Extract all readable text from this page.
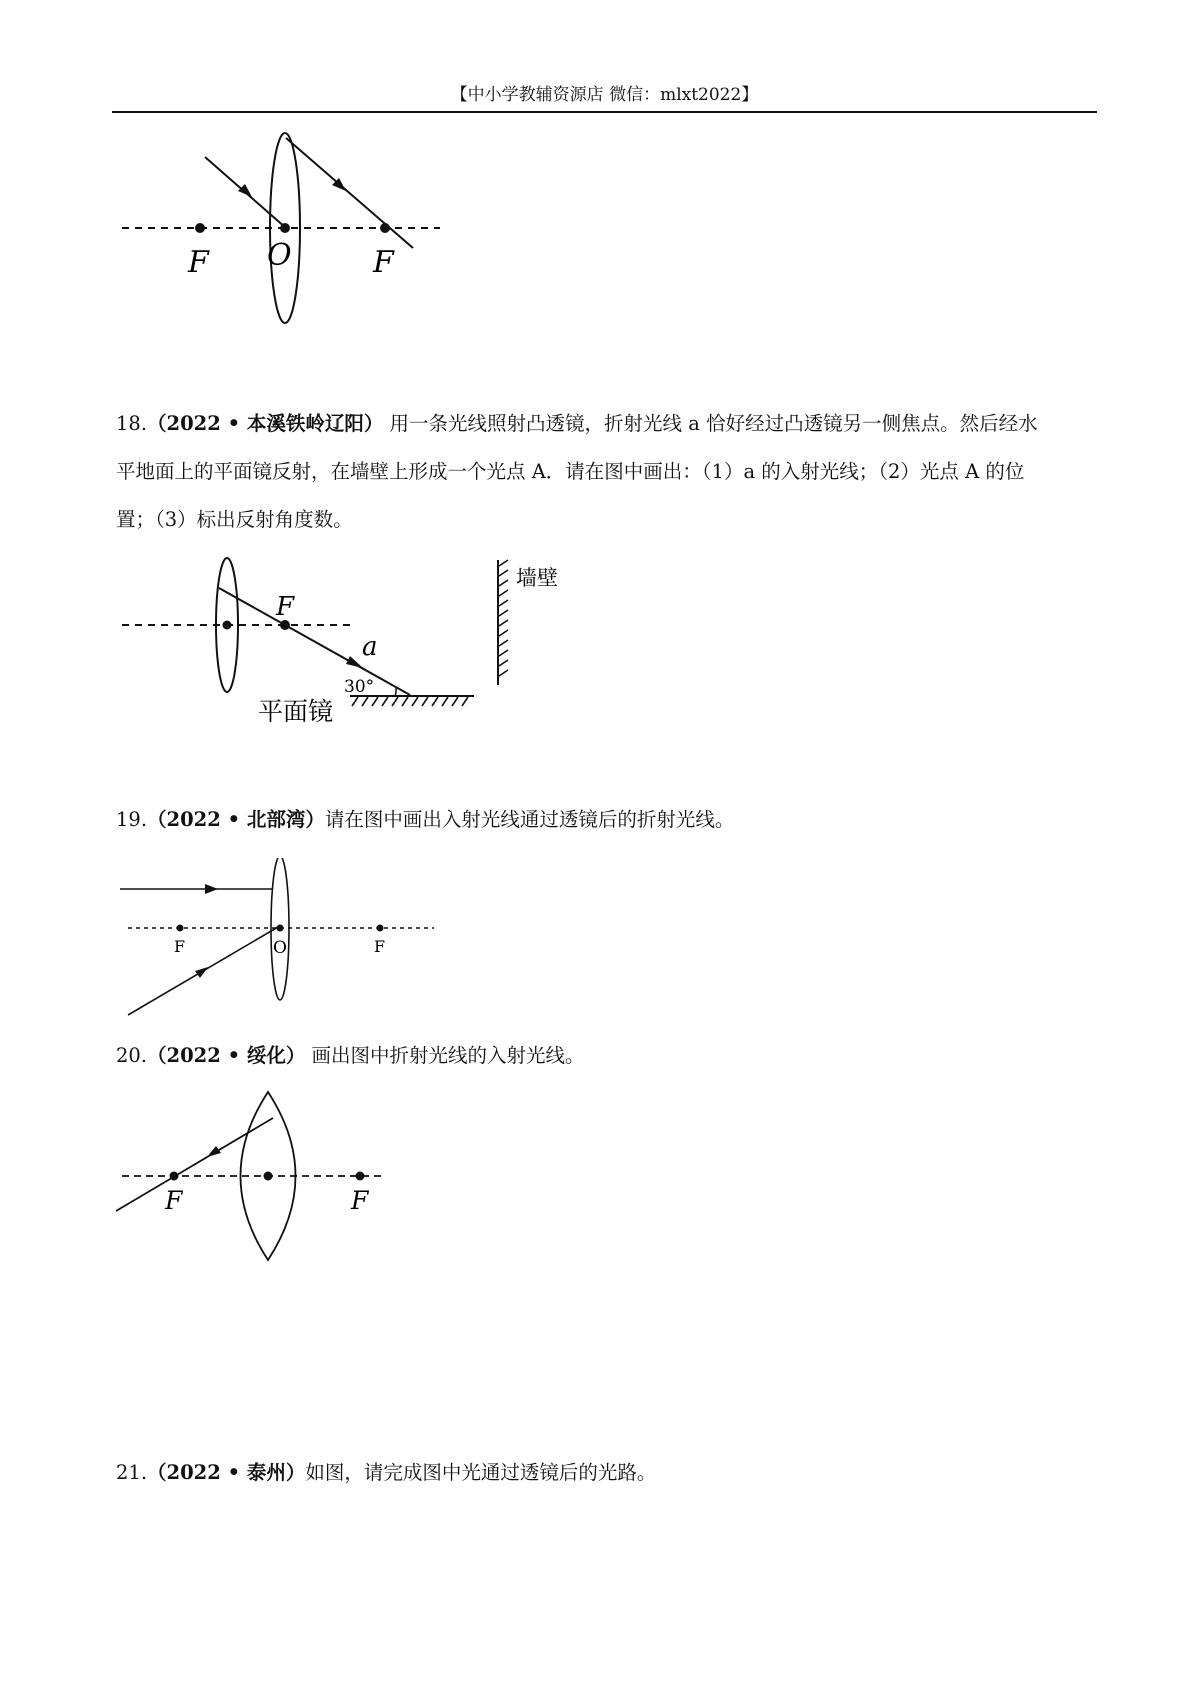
【中小学教辅资源店 微信：mlxt2022】
F O	F
18.（2022 • 本溪铁岭辽阳） 用一条光线照射凸透镜，折射光线 a 恰好经过凸透镜另一侧焦点。然后经水
平地面上的平面镜反射，在墙壁上形成一个光点 A．请在图中画出：（1）a 的入射光线；（2）光点 A 的位
置；（3）标出反射角度数。
F
a
30°
平面镜
墙壁
19.（2022 • 北部湾）请在图中画出入射光线通过透镜后的折射光线。
F	O	F
20.（2022 • 绥化） 画出图中折射光线的入射光线。
F	F
21.（2022 • 泰州）如图，请完成图中光通过透镜后的光路。
